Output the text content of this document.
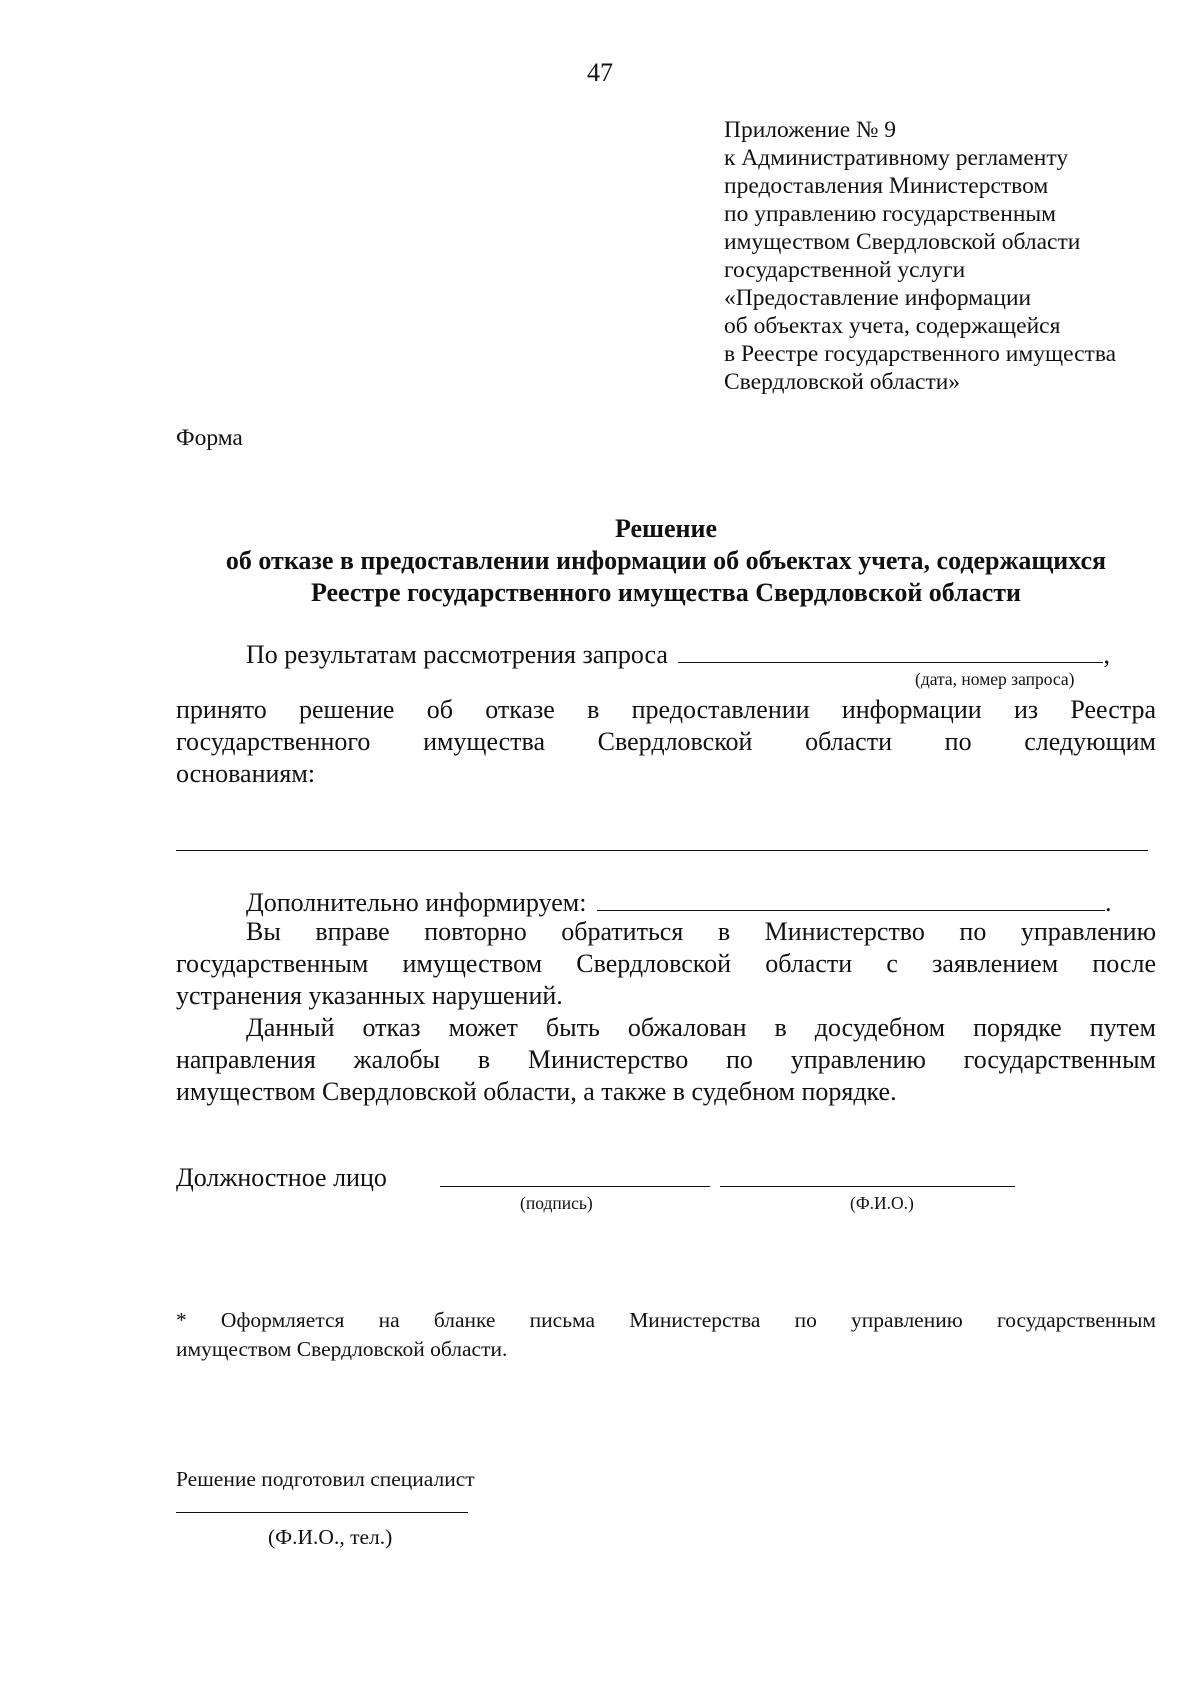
47
Приложение № 9
к Административному регламенту
предоставления Министерством
по управлению государственным
имуществом Свердловской области
государственной услуги
«Предоставление информации
об объектах учета, содержащейся
в Реестре государственного имущества
Свердловской области»
Форма
Решение
об отказе в предоставлении информации об объектах учета, содержащихся
Реестре государственного имущества Свердловской области
По результатам рассмотрения запроса	,
(дата, номер запроса)
принято решение об отказе в предоставлении информации из Реестра
государственного имущества Свердловской области по следующим
основаниям:
Дополнительно информируем:	.
Вы вправе повторно обратиться в Министерство по управлению
государственным имуществом Свердловской области с заявлением после
устранения указанных нарушений.
Данный отказ может быть обжалован в досудебном порядке путем
направления жалобы в Министерство по управлению государственным
имуществом Свердловской области, а также в судебном порядке.
Должностное лицо
(подпись)	(Ф.И.О.)
* Оформляется на бланке письма Министерства по управлению государственным
имуществом Свердловской области.
Решение подготовил специалист
(Ф.И.О., тел.)
